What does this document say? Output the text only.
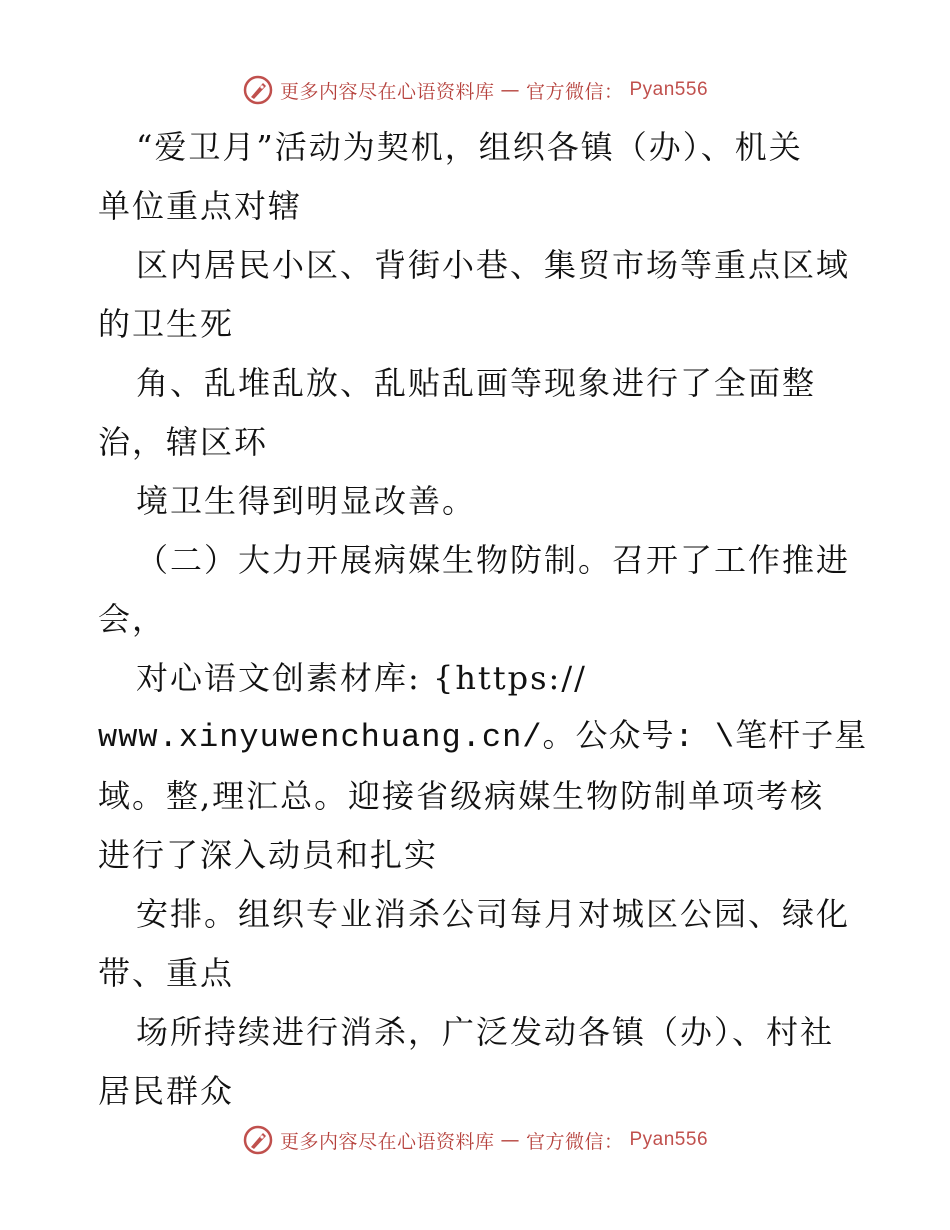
更多内容尽在心语资料库 — 官方微信： Pyan556
“爱卫月”活动为契机，组织各镇（办）、机关
单位重点对辖
区内居民小区、背街小巷、集贸市场等重点区域
的卫生死
角、乱堆乱放、乱贴乱画等现象进行了全面整
治，辖区环
境卫生得到明显改善。
（二）大力开展病媒生物防制。召开了工作推进
会，
对心语文创素材库: {https://
www.xinyuwenchuang.cn/。公众号: \笔杆子星
域。整,理汇总。迎接省级病媒生物防制单项考核
进行了深入动员和扎实
安排。组织专业消杀公司每月对城区公园、绿化
带、重点
场所持续进行消杀，广泛发动各镇（办）、村社
居民群众
更多内容尽在心语资料库 — 官方微信： Pyan556
